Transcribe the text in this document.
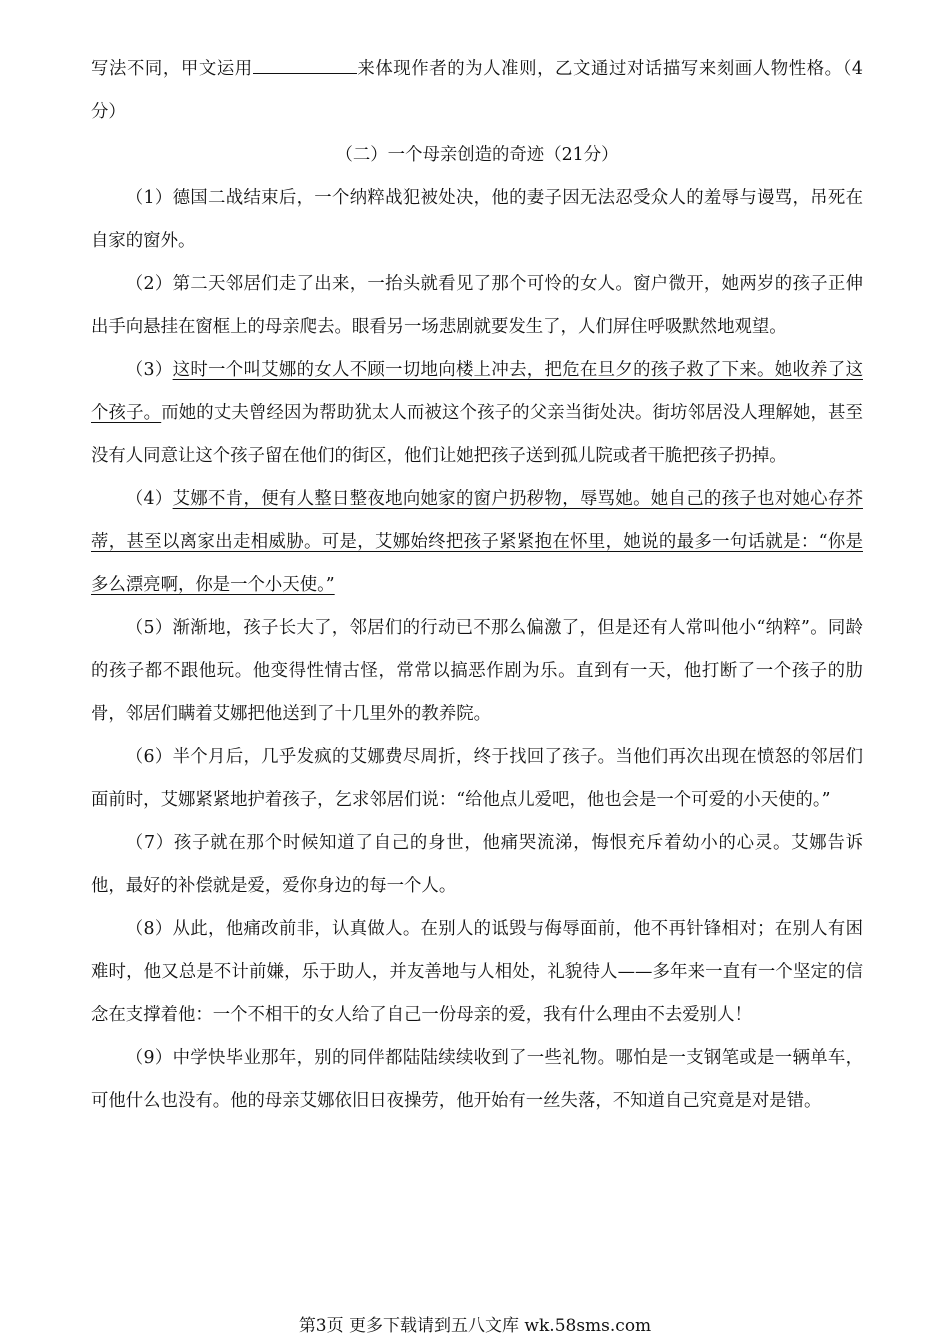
写法不同，甲文运用	来体现作者的为人准则，乙文通过对话描写来刻画人物性格。（4分）

（二）一个母亲创造的奇迹（21分）

（1）德国二战结束后，一个纳粹战犯被处决，他的妻子因无法忍受众人的羞辱与谩骂，吊死在自家的窗外。

（2）第二天邻居们走了出来，一抬头就看见了那个可怜的女人。窗户微开，她两岁的孩子正伸出手向悬挂在窗框上的母亲爬去。眼看另一场悲剧就要发生了，人们屏住呼吸默然地观望。

（3）这时一个叫艾娜的女人不顾一切地向楼上冲去，把危在旦夕的孩子救了下来。她收养了这个孩子。而她的丈夫曾经因为帮助犹太人而被这个孩子的父亲当街处决。街坊邻居没人理解她，甚至没有人同意让这个孩子留在他们的街区，他们让她把孩子送到孤儿院或者干脆把孩子扔掉。

（4）艾娜不肯，便有人整日整夜地向她家的窗户扔秽物，辱骂她。她自己的孩子也对她心存芥蒂，甚至以离家出走相威胁。可是，艾娜始终把孩子紧紧抱在怀里，她说的最多一句话就是：“你是多么漂亮啊，你是一个小天使。”

（5）渐渐地，孩子长大了，邻居们的行动已不那么偏激了，但是还有人常叫他小“纳粹”。同龄的孩子都不跟他玩。他变得性情古怪，常常以搞恶作剧为乐。直到有一天，他打断了一个孩子的肋骨，邻居们瞒着艾娜把他送到了十几里外的教养院。

（6）半个月后，几乎发疯的艾娜费尽周折，终于找回了孩子。当他们再次出现在愤怒的邻居们面前时，艾娜紧紧地护着孩子，乞求邻居们说：“给他点儿爱吧，他也会是一个可爱的小天使的。”

（7）孩子就在那个时候知道了自己的身世，他痛哭流涕，悔恨充斥着幼小的心灵。艾娜告诉他，最好的补偿就是爱，爱你身边的每一个人。

（8）从此，他痛改前非，认真做人。在别人的诋毁与侮辱面前，他不再针锋相对；在别人有困难时，他又总是不计前嫌，乐于助人，并友善地与人相处，礼貌待人——多年来一直有一个坚定的信念在支撑着他：一个不相干的女人给了自己一份母亲的爱，我有什么理由不去爱别人！

（9）中学快毕业那年，别的同伴都陆陆续续收到了一些礼物。哪怕是一支钢笔或是一辆单车，可他什么也没有。他的母亲艾娜依旧日夜操劳，他开始有一丝失落，不知道自己究竟是对是错。

第3页 更多下载请到五八文库 wk.58sms.com
